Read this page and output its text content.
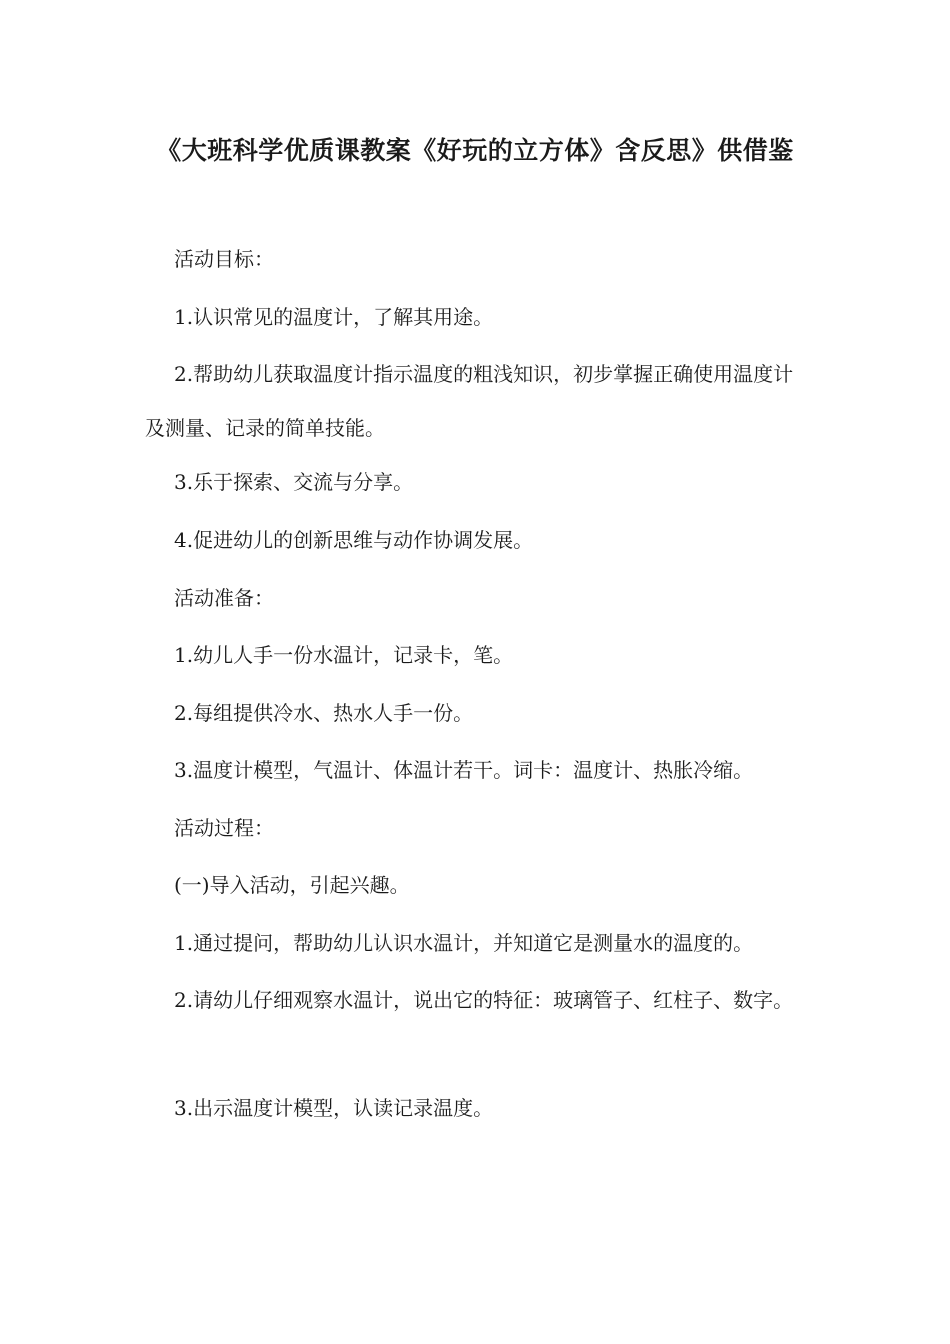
《大班科学优质课教案《好玩的立方体》含反思》供借鉴

活动目标：

1.认识常见的温度计，了解其用途。

2.帮助幼儿获取温度计指示温度的粗浅知识，初步掌握正确使用温度计及测量、记录的简单技能。

3.乐于探索、交流与分享。

4.促进幼儿的创新思维与动作协调发展。

活动准备：

1.幼儿人手一份水温计，记录卡，笔。

2.每组提供冷水、热水人手一份。

3.温度计模型，气温计、体温计若干。词卡：温度计、热胀冷缩。

活动过程：

(一)导入活动，引起兴趣。

1.通过提问，帮助幼儿认识水温计，并知道它是测量水的温度的。

2.请幼儿仔细观察水温计，说出它的特征：玻璃管子、红柱子、数字。

3.出示温度计模型，认读记录温度。
